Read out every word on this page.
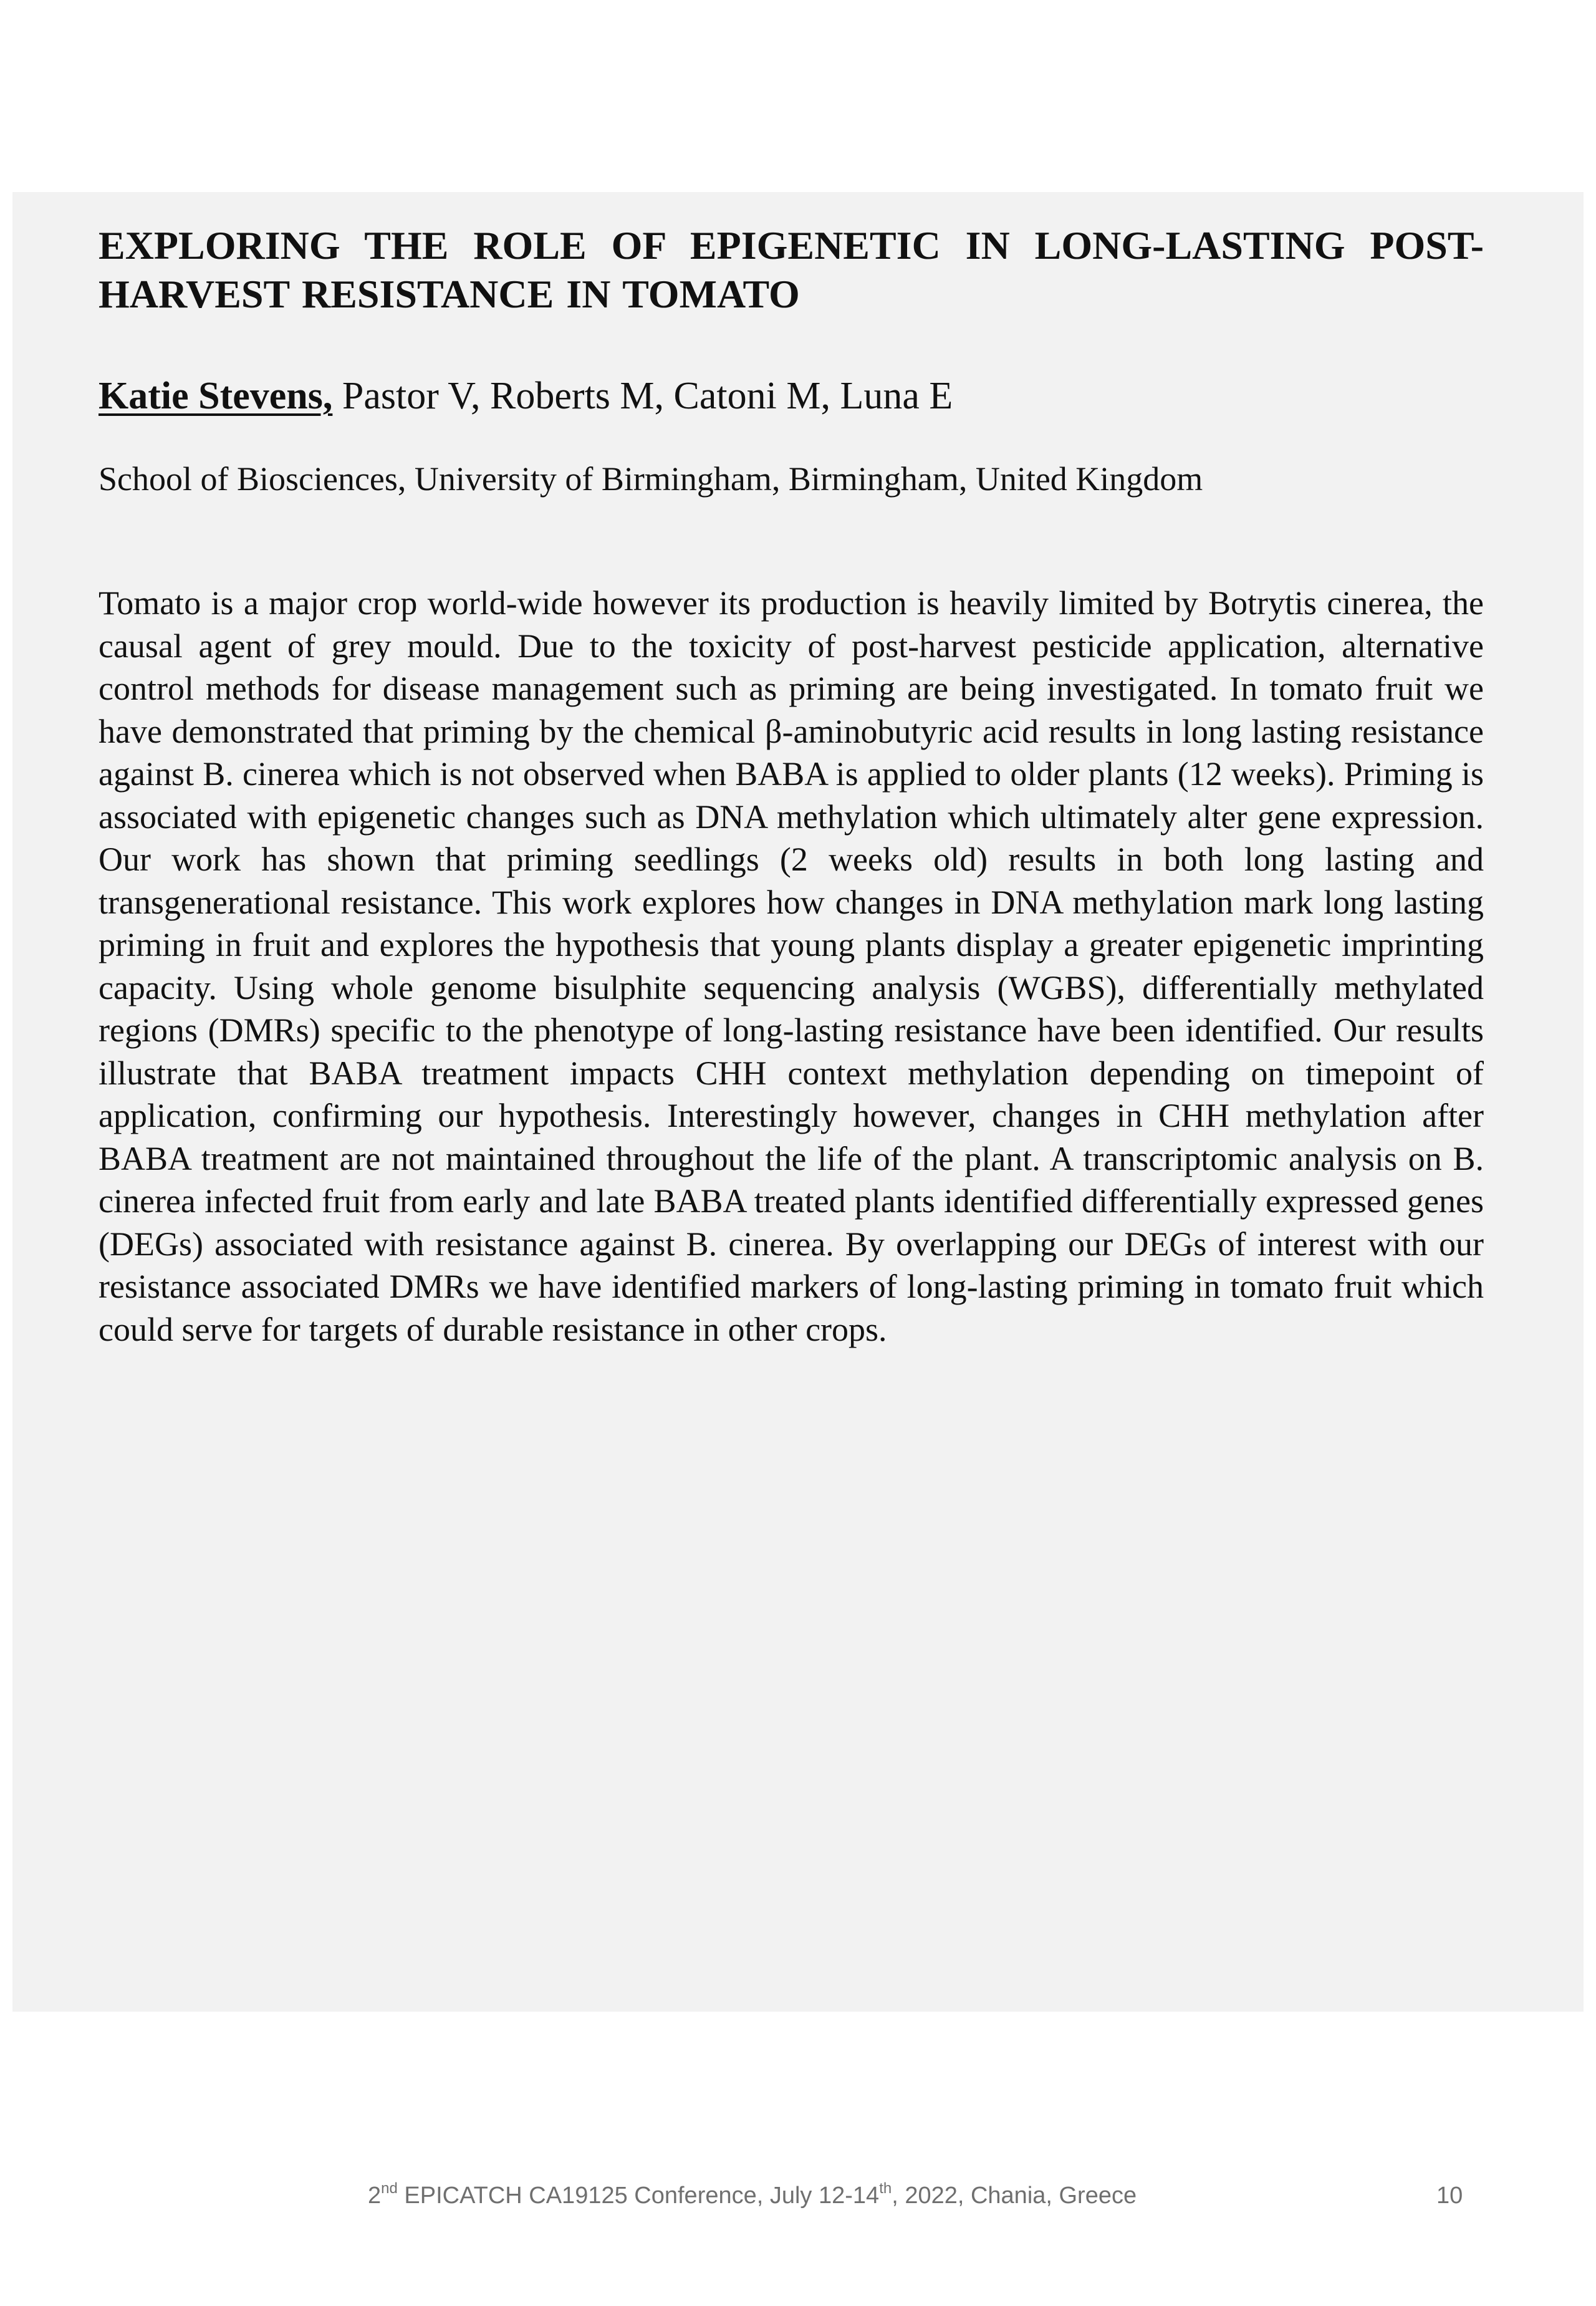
EXPLORING THE ROLE OF EPIGENETIC IN LONG-LASTING POST-HARVEST RESISTANCE IN TOMATO
Katie Stevens, Pastor V, Roberts M, Catoni M, Luna E
School of Biosciences, University of Birmingham, Birmingham, United Kingdom
Tomato is a major crop world-wide however its production is heavily limited by Botrytis cinerea, the causal agent of grey mould. Due to the toxicity of post-harvest pesticide application, alternative control methods for disease management such as priming are being investigated. In tomato fruit we have demonstrated that priming by the chemical β-aminobutyric acid results in long lasting resistance against B. cinerea which is not observed when BABA is applied to older plants (12 weeks). Priming is associated with epigenetic changes such as DNA methylation which ultimately alter gene expression. Our work has shown that priming seedlings (2 weeks old) results in both long lasting and transgenerational resistance. This work explores how changes in DNA methylation mark long lasting priming in fruit and explores the hypothesis that young plants display a greater epigenetic imprinting capacity. Using whole genome bisulphite sequencing analysis (WGBS), differentially methylated regions (DMRs) specific to the phenotype of long-lasting resistance have been identified. Our results illustrate that BABA treatment impacts CHH context methylation depending on timepoint of application, confirming our hypothesis. Interestingly however, changes in CHH methylation after BABA treatment are not maintained throughout the life of the plant. A transcriptomic analysis on B. cinerea infected fruit from early and late BABA treated plants identified differentially expressed genes (DEGs) associated with resistance against B. cinerea. By overlapping our DEGs of interest with our resistance associated DMRs we have identified markers of long-lasting priming in tomato fruit which could serve for targets of durable resistance in other crops.
2nd EPICATCH CA19125 Conference, July 12-14th, 2022, Chania, Greece	10
